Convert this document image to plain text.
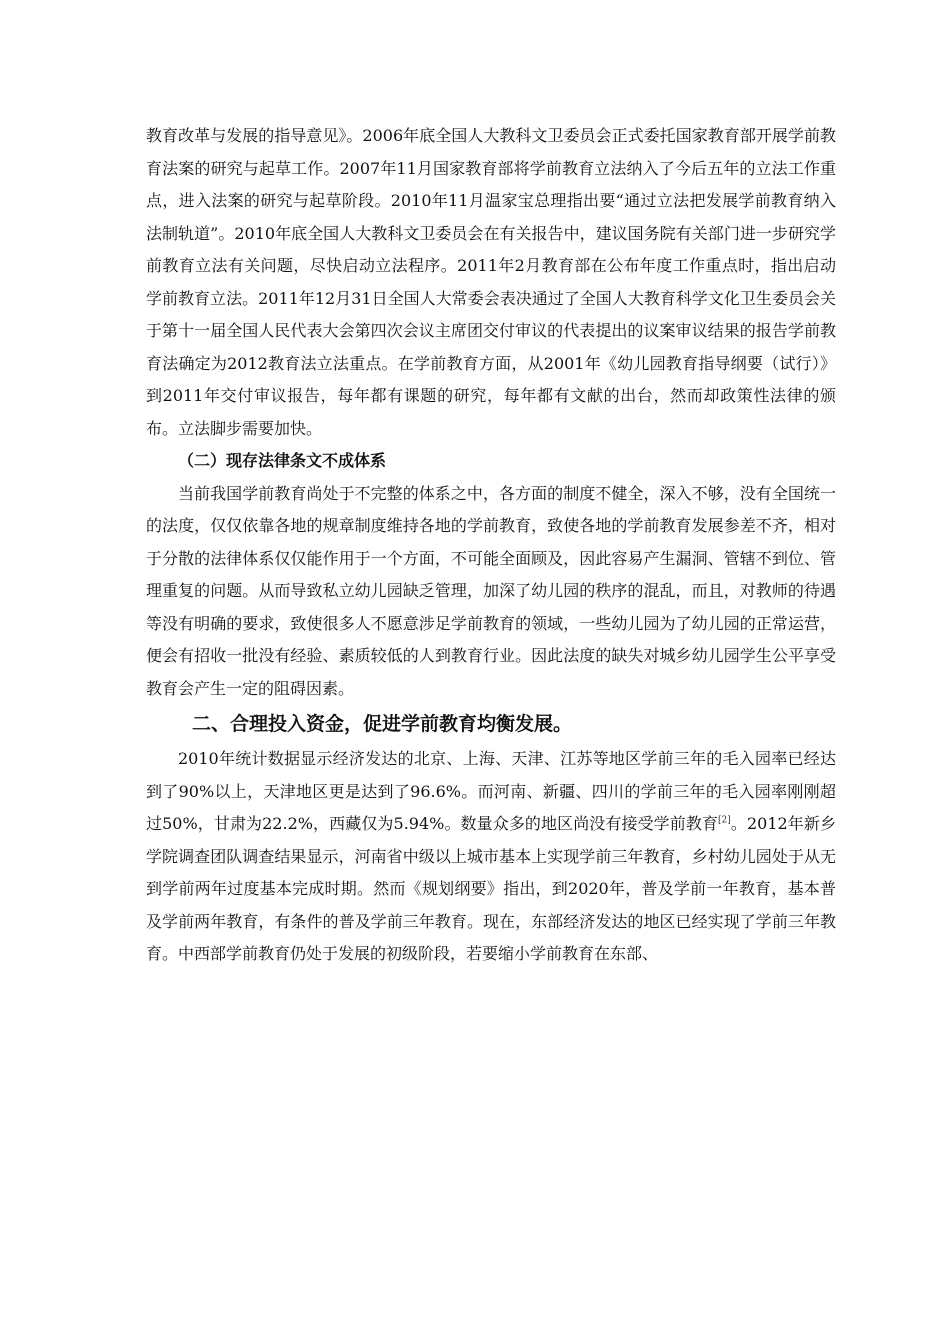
教育改革与发展的指导意见》。2006年底全国人大教科文卫委员会正式委托国家教育部开展学前教育法案的研究与起草工作。2007年11月国家教育部将学前教育立法纳入了今后五年的立法工作重点，进入法案的研究与起草阶段。2010年11月温家宝总理指出要“通过立法把发展学前教育纳入法制轨道”。2010年底全国人大教科文卫委员会在有关报告中，建议国务院有关部门进一步研究学前教育立法有关问题，尽快启动立法程序。2011年2月教育部在公布年度工作重点时，指出启动学前教育立法。2011年12月31日全国人大常委会表决通过了全国人大教育科学文化卫生委员会关于第十一届全国人民代表大会第四次会议主席团交付审议的代表提出的议案审议结果的报告学前教育法确定为2012教育法立法重点。在学前教育方面，从2001年《幼儿园教育指导纲要（试行）》到2011年交付审议报告，每年都有课题的研究，每年都有文献的出台，然而却政策性法律的颁布。立法脚步需要加快。

（二）现存法律条文不成体系

当前我国学前教育尚处于不完整的体系之中，各方面的制度不健全，深入不够，没有全国统一的法度，仅仅依靠各地的规章制度维持各地的学前教育，致使各地的学前教育发展参差不齐，相对于分散的法律体系仅仅能作用于一个方面，不可能全面顾及，因此容易产生漏洞、管辖不到位、管理重复的问题。从而导致私立幼儿园缺乏管理，加深了幼儿园的秩序的混乱，而且，对教师的待遇等没有明确的要求，致使很多人不愿意涉足学前教育的领域，一些幼儿园为了幼儿园的正常运营，便会有招收一批没有经验、素质较低的人到教育行业。因此法度的缺失对城乡幼儿园学生公平享受教育会产生一定的阻碍因素。

二、合理投入资金，促进学前教育均衡发展。

2010年统计数据显示经济发达的北京、上海、天津、江苏等地区学前三年的毛入园率已经达到了90%以上，天津地区更是达到了96.6%。而河南、新疆、四川的学前三年的毛入园率刚刚超过50%，甘肃为22.2%，西藏仅为5.94%。数量众多的地区尚没有接受学前教育[2]。2012年新乡学院调查团队调查结果显示，河南省中级以上城市基本上实现学前三年教育，乡村幼儿园处于从无到学前两年过度基本完成时期。然而《规划纲要》指出，到2020年，普及学前一年教育，基本普及学前两年教育，有条件的普及学前三年教育。现在，东部经济发达的地区已经实现了学前三年教育。中西部学前教育仍处于发展的初级阶段，若要缩小学前教育在东部、
